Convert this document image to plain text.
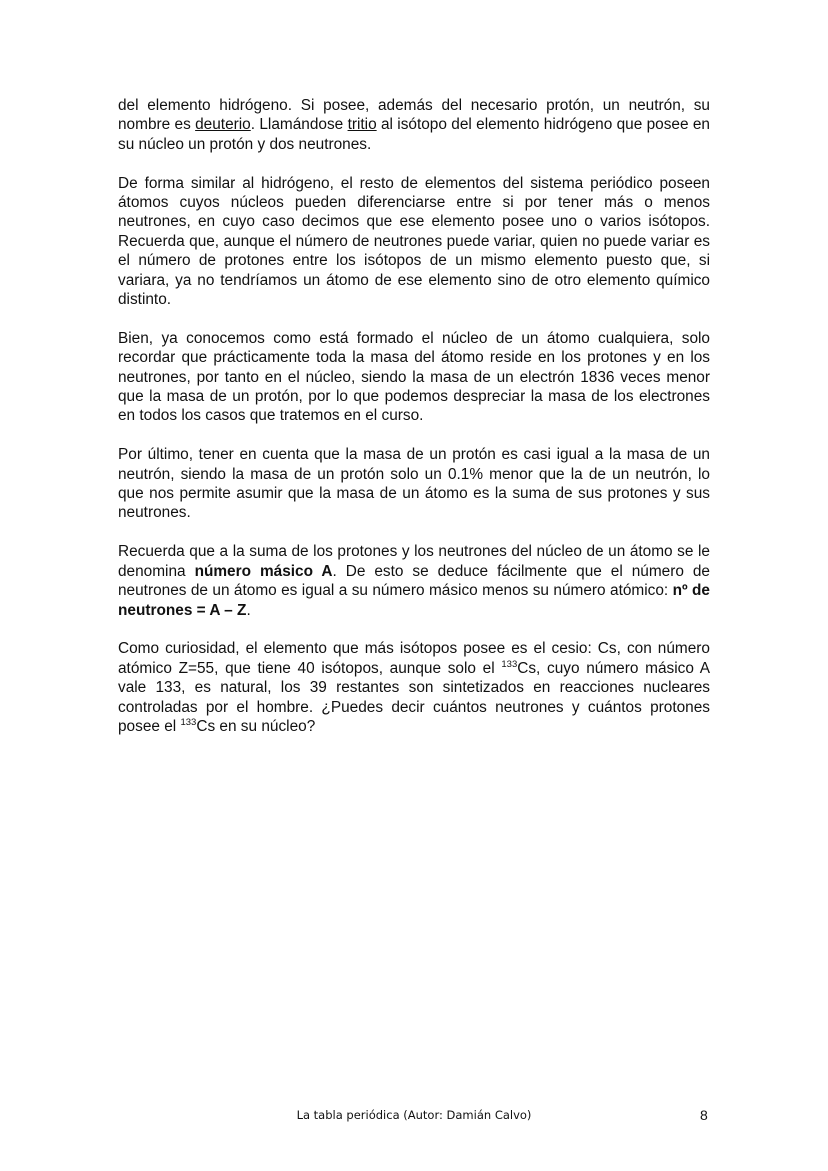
del elemento hidrógeno. Si posee, además del necesario protón, un neutrón, su nombre es deuterio. Llamándose tritio al isótopo del elemento hidrógeno que posee en su núcleo un protón y dos neutrones.

De forma similar al hidrógeno, el resto de elementos del sistema periódico poseen átomos cuyos núcleos pueden diferenciarse entre si por tener más o menos neutrones, en cuyo caso decimos que ese elemento posee uno o varios isótopos. Recuerda que, aunque el número de neutrones puede variar, quien no puede variar es el número de protones entre los isótopos de un mismo elemento puesto que, si variara, ya no tendríamos un átomo de ese elemento sino de otro elemento químico distinto.

Bien, ya conocemos como está formado el núcleo de un átomo cualquiera, solo recordar que prácticamente toda la masa del átomo reside en los protones y en los neutrones, por tanto en el núcleo, siendo la masa de un electrón 1836 veces menor que la masa de un protón, por lo que podemos despreciar la masa de los electrones en todos los casos que tratemos en el curso.

Por último, tener en cuenta que la masa de un protón es casi igual a la masa de un neutrón, siendo la masa de un protón solo un 0.1% menor que la de un neutrón, lo que nos permite asumir que la masa de un átomo es la suma de sus protones y sus neutrones.

Recuerda que a la suma de los protones y los neutrones del núcleo de un átomo se le denomina número másico A. De esto se deduce fácilmente que el número de neutrones de un átomo es igual a su número másico menos su número atómico: nº de neutrones = A – Z.

Como curiosidad, el elemento que más isótopos posee es el cesio: Cs, con número atómico Z=55, que tiene 40 isótopos, aunque solo el $^{133}$Cs, cuyo número másico A vale 133, es natural, los 39 restantes son sintetizados en reacciones nucleares controladas por el hombre. ¿Puedes decir cuántos neutrones y cuántos protones posee el $^{133}$Cs en su núcleo?

La tabla periódica (Autor: Damián Calvo)	8
